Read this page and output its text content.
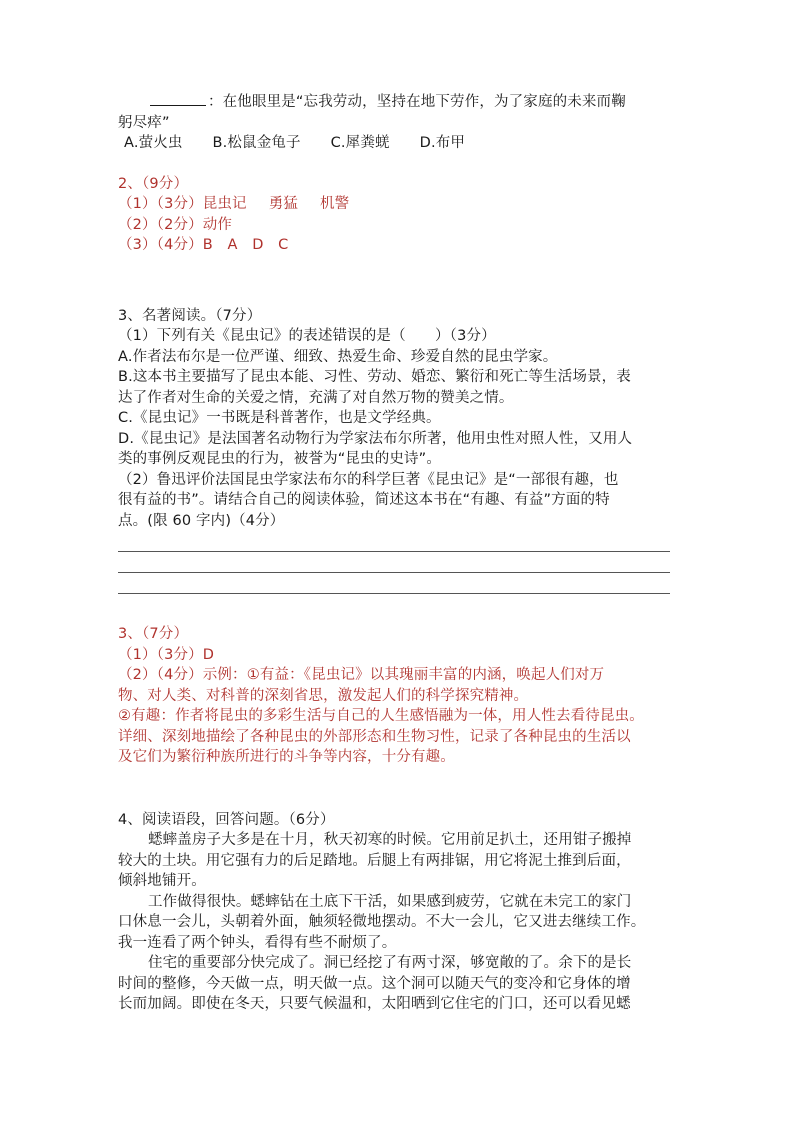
：在他眼里是“忘我劳动，坚持在地下劳作，为了家庭的未来而鞠
躬尽瘁”
A.萤火虫 B.松鼠金龟子 C.犀粪蜣 D.布甲
2、（9分）
（1）（3分）昆虫记 勇猛 机警
（2）（2分）动作
（3）（4分）B　A　D　C
3、名著阅读。（7分）
（1）下列有关《昆虫记》的表述错误的是（　　）（3分）
A.作者法布尔是一位严谨、细致、热爱生命、珍爱自然的昆虫学家。
B.这本书主要描写了昆虫本能、习性、劳动、婚恋、繁衍和死亡等生活场景，表
达了作者对生命的关爱之情，充满了对自然万物的赞美之情。
C.《昆虫记》一书既是科普著作，也是文学经典。
D.《昆虫记》是法国著名动物行为学家法布尔所著，他用虫性对照人性，又用人
类的事例反观昆虫的行为，被誉为“昆虫的史诗”。
（2）鲁迅评价法国昆虫学家法布尔的科学巨著《昆虫记》是“一部很有趣，也
很有益的书”。请结合自己的阅读体验，简述这本书在“有趣、有益”方面的特
点。(限 60 字内)（4分）
3、（7分）
（1）（3分）D
（2）（4分）示例：①有益：《昆虫记》以其瑰丽丰富的内涵，唤起人们对万
物、对人类、对科普的深刻省思，激发起人们的科学探究精神。
②有趣：作者将昆虫的多彩生活与自己的人生感悟融为一体，用人性去看待昆虫。
详细、深刻地描绘了各种昆虫的外部形态和生物习性，记录了各种昆虫的生活以
及它们为繁衍种族所进行的斗争等内容，十分有趣。
4、阅读语段，回答问题。（6分）
蟋蟀盖房子大多是在十月，秋天初寒的时候。它用前足扒土，还用钳子搬掉
较大的土块。用它强有力的后足踏地。后腿上有两排锯，用它将泥土推到后面，
倾斜地铺开。
工作做得很快。蟋蟀钻在土底下干活，如果感到疲劳，它就在未完工的家门
口休息一会儿，头朝着外面，触须轻微地摆动。不大一会儿，它又进去继续工作。
我一连看了两个钟头，看得有些不耐烦了。
住宅的重要部分快完成了。洞已经挖了有两寸深，够宽敞的了。余下的是长
时间的整修，今天做一点，明天做一点。这个洞可以随天气的变冷和它身体的增
长而加阔。即使在冬天，只要气候温和，太阳晒到它住宅的门口，还可以看见蟋
